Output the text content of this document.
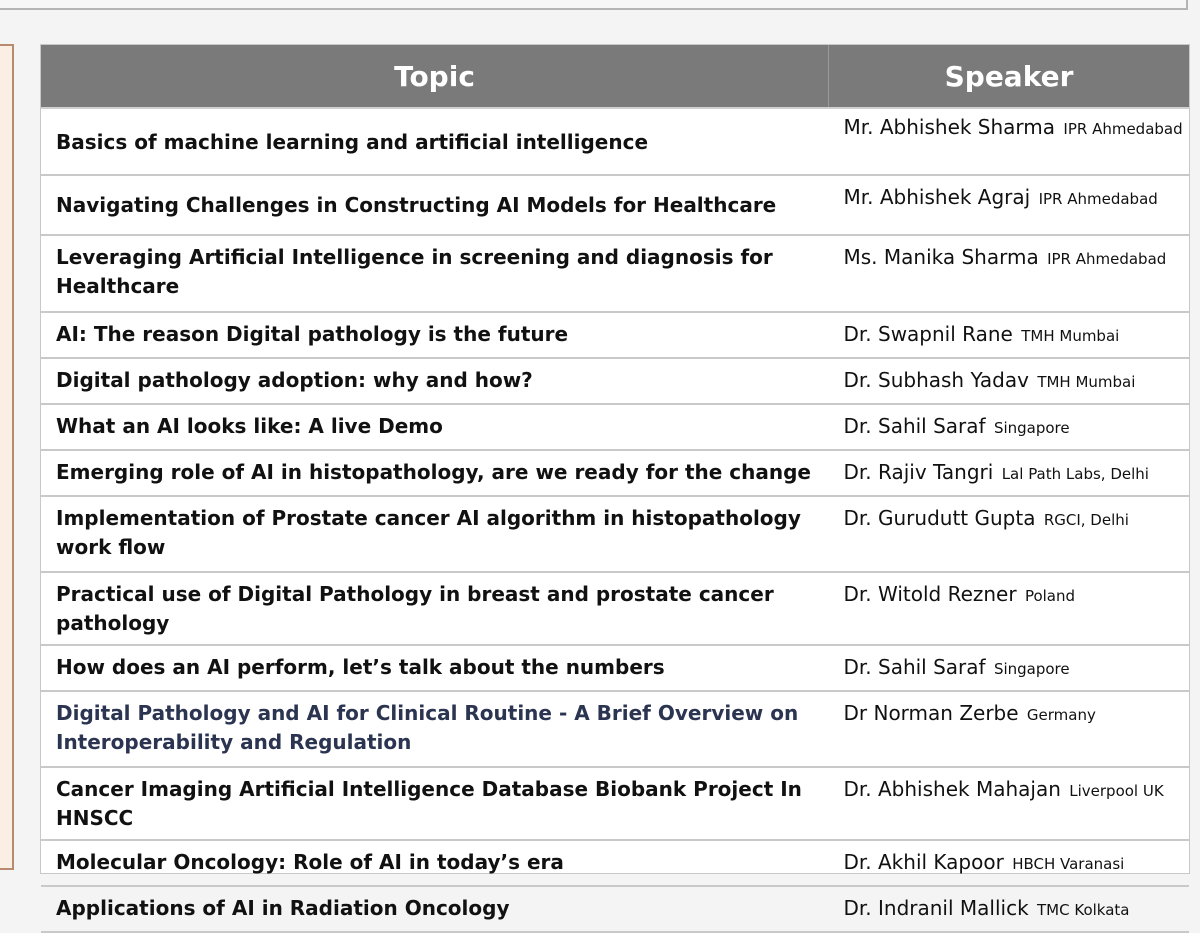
Topic	Speaker
Basics of machine learning and artificial intelligence	Mr. Abhishek Sharma IPR Ahmedabad
Navigating Challenges in Constructing AI Models for Healthcare	Mr. Abhishek Agraj IPR Ahmedabad
Leveraging Artificial Intelligence in screening and diagnosis for Healthcare	Ms. Manika Sharma IPR Ahmedabad
AI: The reason Digital pathology is the future	Dr. Swapnil Rane TMH Mumbai
Digital pathology adoption: why and how?	Dr. Subhash Yadav TMH Mumbai
What an AI looks like: A live Demo	Dr. Sahil Saraf Singapore
Emerging role of AI in histopathology, are we ready for the change	Dr. Rajiv Tangri Lal Path Labs, Delhi
Implementation of Prostate cancer AI algorithm in histopathology work flow	Dr. Gurudutt Gupta RGCI, Delhi
Practical use of Digital Pathology in breast and prostate cancer pathology	Dr. Witold Rezner Poland
How does an AI perform, let’s talk about the numbers	Dr. Sahil Saraf Singapore
Digital Pathology and AI for Clinical Routine - A Brief Overview on Interoperability and Regulation	Dr Norman Zerbe Germany
Cancer Imaging Artificial Intelligence Database Biobank Project In HNSCC	Dr. Abhishek Mahajan Liverpool UK
Molecular Oncology: Role of AI in today’s era	Dr. Akhil Kapoor HBCH Varanasi
Applications of AI in Radiation Oncology	Dr. Indranil Mallick TMC Kolkata
